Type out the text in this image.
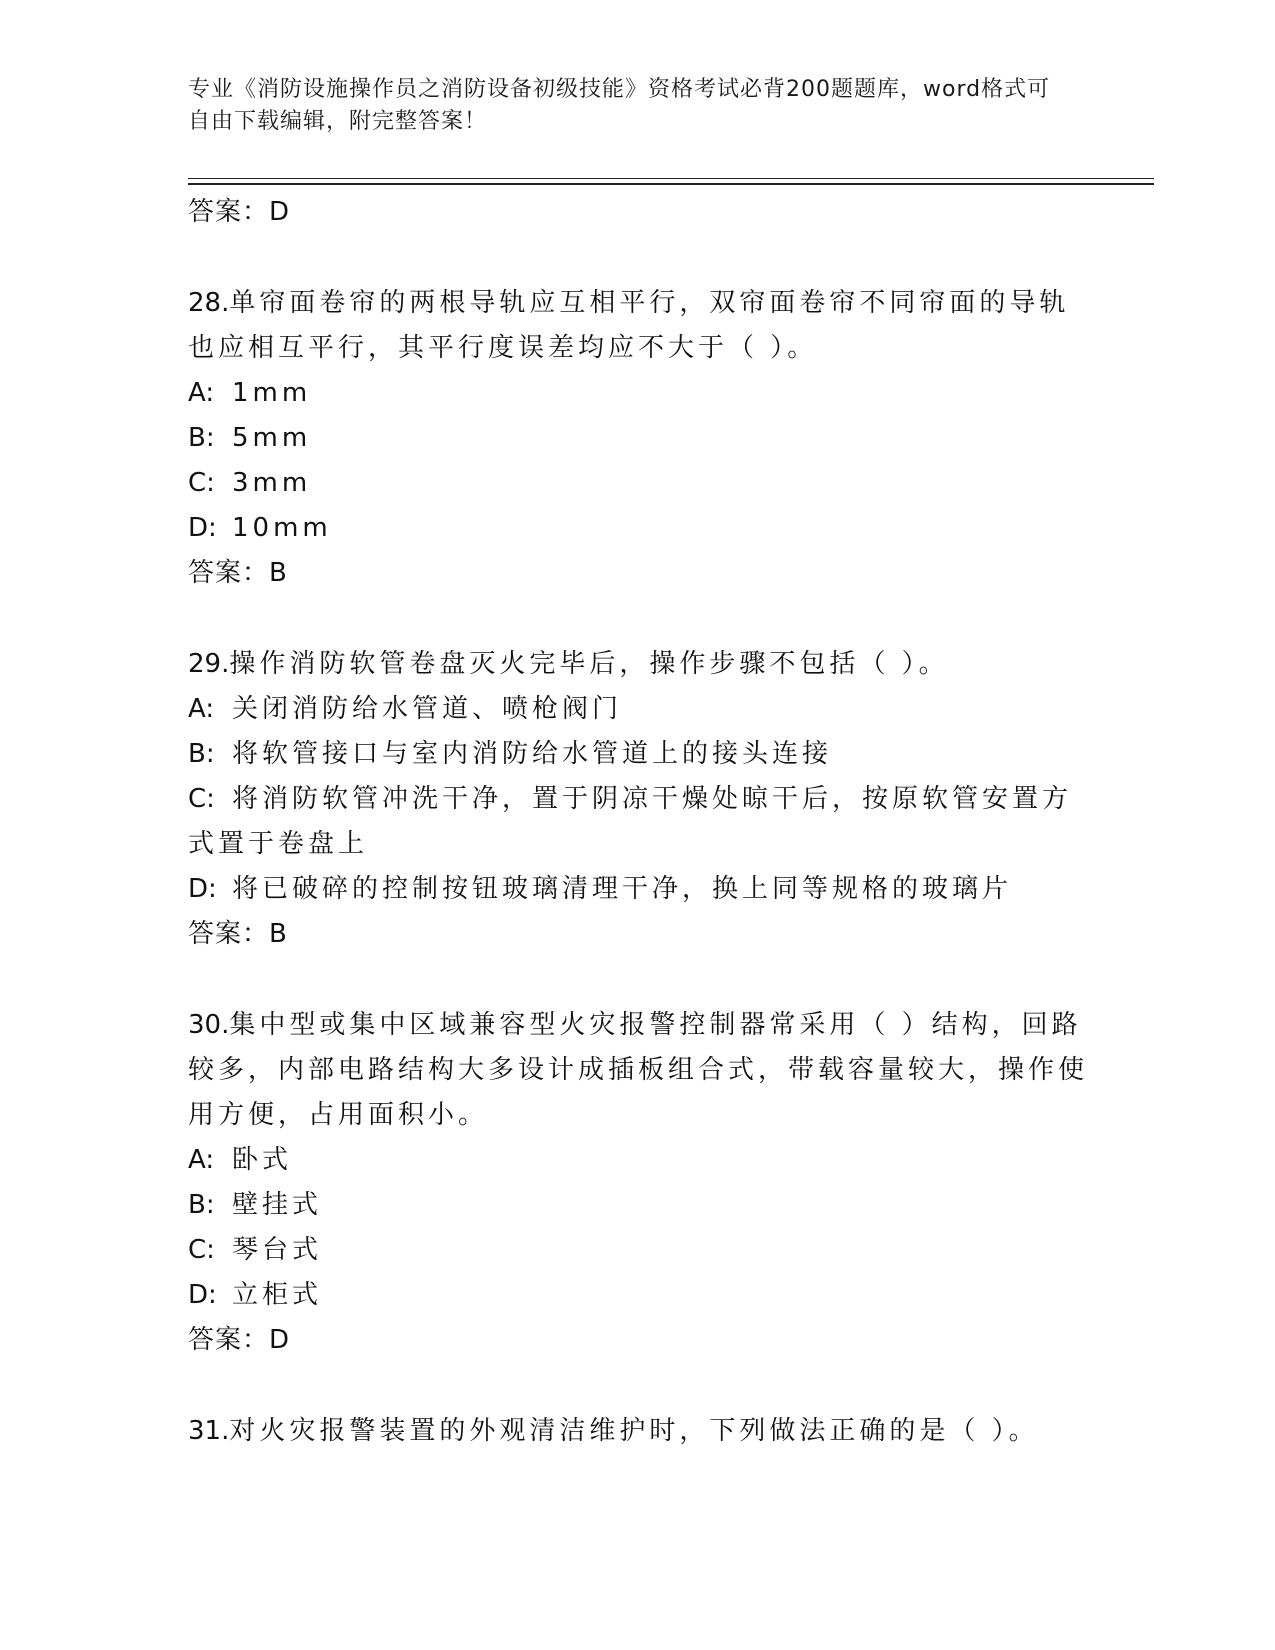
专业《消防设施操作员之消防设备初级技能》资格考试必背200题题库，word格式可自由下载编辑，附完整答案！
答案：D
28.单帘面卷帘的两根导轨应互相平行，双帘面卷帘不同帘面的导轨也应相互平行，其平行度误差均应不大于（ ）。
A: 1mm
B: 5mm
C: 3mm
D: 10mm
答案：B
29.操作消防软管卷盘灭火完毕后，操作步骤不包括（ ）。
A: 关闭消防给水管道、喷枪阀门
B: 将软管接口与室内消防给水管道上的接头连接
C: 将消防软管冲洗干净，置于阴凉干燥处晾干后，按原软管安置方式置于卷盘上
D: 将已破碎的控制按钮玻璃清理干净，换上同等规格的玻璃片
答案：B
30.集中型或集中区域兼容型火灾报警控制器常采用（ ）结构，回路较多，内部电路结构大多设计成插板组合式，带载容量较大，操作使用方便，占用面积小。
A: 卧式
B: 壁挂式
C: 琴台式
D: 立柜式
答案：D
31.对火灾报警装置的外观清洁维护时，下列做法正确的是（ ）。
